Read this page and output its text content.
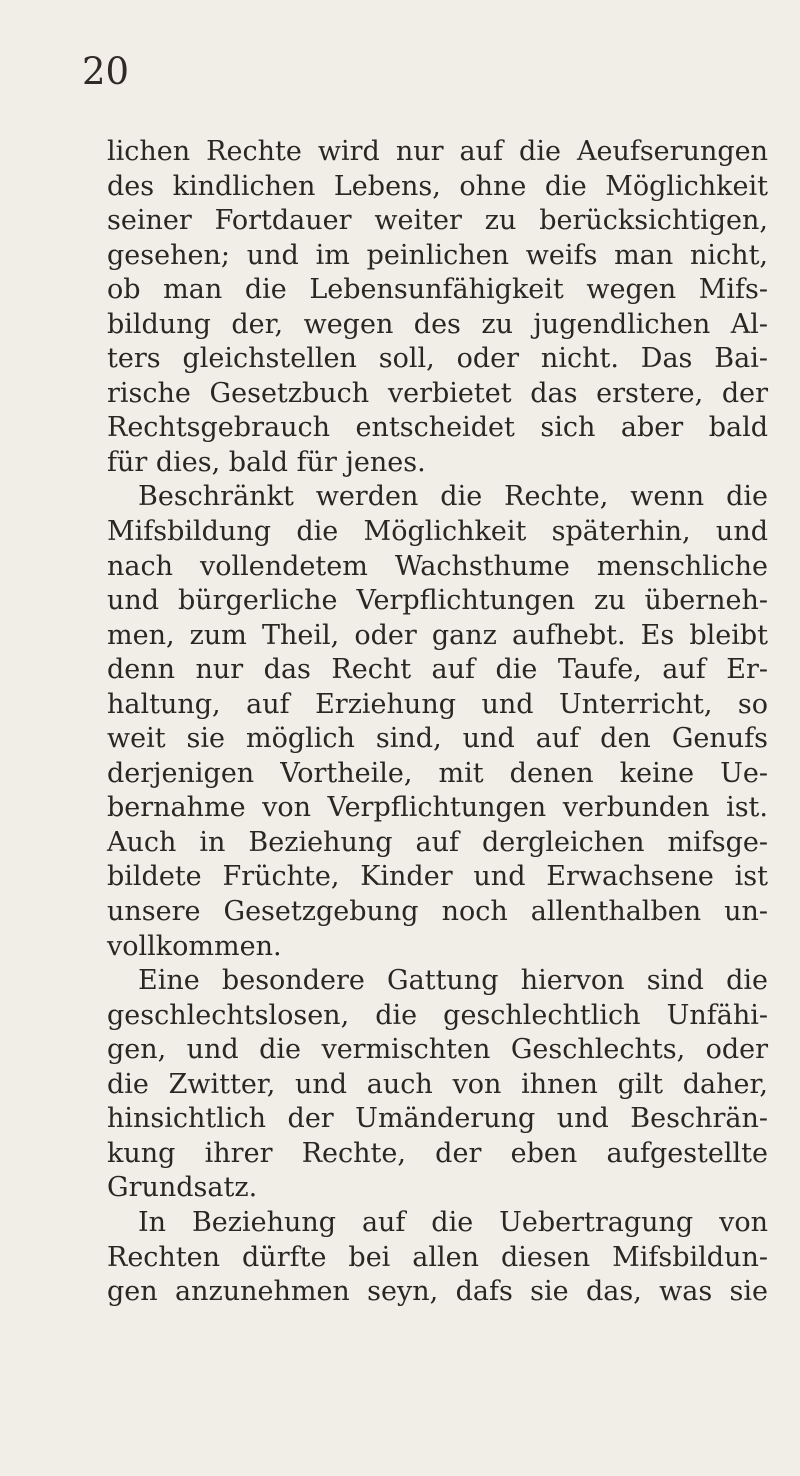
20
lichen Rechte wird nur auf die Aeufserungen
des kindlichen Lebens, ohne die Möglichkeit
seiner Fortdauer weiter zu berücksichtigen,
gesehen; und im peinlichen weifs man nicht,
ob man die Lebensunfähigkeit wegen Mifs-
bildung der, wegen des zu jugendlichen Al-
ters gleichstellen soll, oder nicht. Das Bai-
rische Gesetzbuch verbietet das erstere, der
Rechtsgebrauch entscheidet sich aber bald
für dies, bald für jenes.
Beschränkt werden die Rechte, wenn die
Mifsbildung die Möglichkeit späterhin, und
nach vollendetem Wachsthume menschliche
und bürgerliche Verpflichtungen zu überneh-
men, zum Theil, oder ganz aufhebt. Es bleibt
denn nur das Recht auf die Taufe, auf Er-
haltung, auf Erziehung und Unterricht, so
weit sie möglich sind, und auf den Genufs
derjenigen Vortheile, mit denen keine Ue-
bernahme von Verpflichtungen verbunden ist.
Auch in Beziehung auf dergleichen mifsge-
bildete Früchte, Kinder und Erwachsene ist
unsere Gesetzgebung noch allenthalben un-
vollkommen.
Eine besondere Gattung hiervon sind die
geschlechtslosen, die geschlechtlich Unfähi-
gen, und die vermischten Geschlechts, oder
die Zwitter, und auch von ihnen gilt daher,
hinsichtlich der Umänderung und Beschrän-
kung ihrer Rechte, der eben aufgestellte
Grundsatz.
In Beziehung auf die Uebertragung von
Rechten dürfte bei allen diesen Mifsbildun-
gen anzunehmen seyn, dafs sie das, was sie
